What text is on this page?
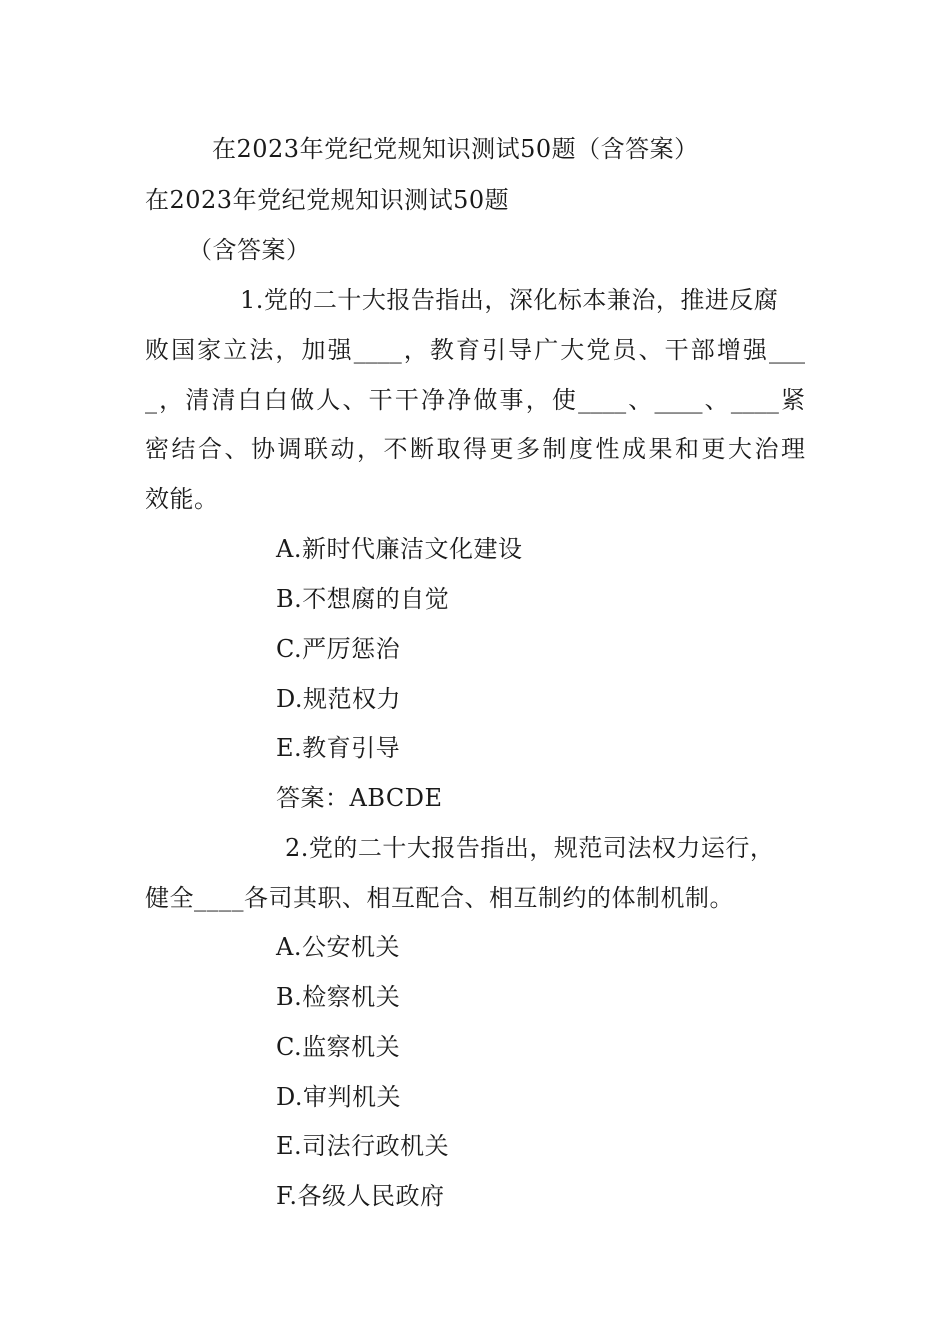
在2023年党纪党规知识测试50题（含答案）
在2023年党纪党规知识测试50题
（含答案）
1.党的二十大报告指出，深化标本兼治，推进反腐
败国家立法，加强____，教育引导广大党员、干部增强___
_，清清白白做人、干干净净做事，使____、____、____紧
密结合、协调联动，不断取得更多制度性成果和更大治理
效能。
A.新时代廉洁文化建设
B.不想腐的自觉
C.严厉惩治
D.规范权力
E.教育引导
答案：ABCDE
2.党的二十大报告指出，规范司法权力运行，
健全____各司其职、相互配合、相互制约的体制机制。
A.公安机关
B.检察机关
C.监察机关
D.审判机关
E.司法行政机关
F.各级人民政府
